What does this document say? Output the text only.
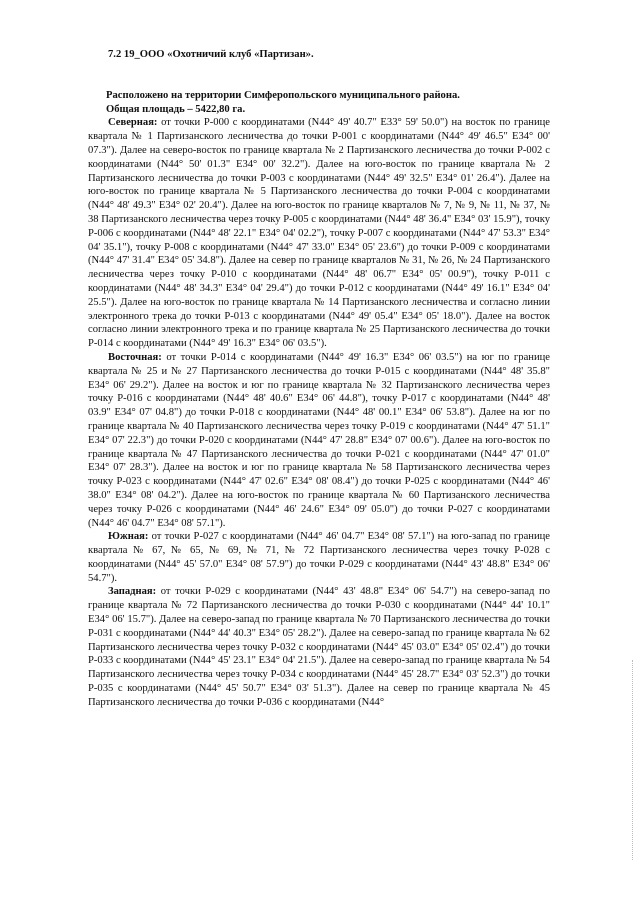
7.2 19_ООО «Охотничий клуб «Партизан».

Расположено на территории Симферопольского муниципального района.

Общая площадь – 5422,80 га.

Северная: от точки Р-000 с координатами (N44° 49' 40.7" E33° 59' 50.0") на восток по границе квартала № 1 Партизанского лесничества до точки Р-001 с координатами (N44° 49' 46.5" E34° 00' 07.3"). Далее на северо-восток по границе квартала № 2 Партизанского лесничества до точки Р-002 с координатами (N44° 50' 01.3" E34° 00' 32.2"). Далее на юго-восток по границе квартала № 2 Партизанского лесничества до точки Р-003 с координатами (N44° 49' 32.5" E34° 01' 26.4"). Далее на юго-восток по границе квартала № 5 Партизанского лесничества до точки Р-004 с координатами (N44° 48' 49.3" E34° 02' 20.4"). Далее на юго-восток по границе кварталов № 7, № 9, № 11, № 37, № 38 Партизанского лесничества через точку Р-005 с координатами (N44° 48' 36.4" E34° 03' 15.9"), точку Р-006 с координатами (N44° 48' 22.1" E34° 04' 02.2"), точку Р-007 с координатами (N44° 47' 53.3" E34° 04' 35.1"), точку Р-008 с координатами (N44° 47' 33.0" E34° 05' 23.6") до точки Р-009 с координатами (N44° 47' 31.4" E34° 05' 34.8"). Далее на север по границе кварталов № 31, № 26, № 24 Партизанского лесничества через точку Р-010 с координатами (N44° 48' 06.7" E34° 05' 00.9"), точку Р-011 с координатами (N44° 48' 34.3" E34° 04' 29.4") до точки Р-012 с координатами (N44° 49' 16.1" E34° 04' 25.5"). Далее на юго-восток по границе квартала № 14 Партизанского лесничества и согласно линии электронного трека до точки Р-013 с координатами (N44° 49' 05.4" E34° 05' 18.0"). Далее на восток согласно линии электронного трека и по границе квартала № 25 Партизанского лесничества до точки Р-014 с координатами (N44° 49' 16.3" E34° 06' 03.5").

Восточная: от точки Р-014 с координатами (N44° 49' 16.3" E34° 06' 03.5") на юг по границе квартала № 25 и № 27 Партизанского лесничества до точки Р-015 с координатами (N44° 48' 35.8" E34° 06' 29.2"). Далее на восток и юг по границе квартала № 32 Партизанского лесничества через точку Р-016 с координатами (N44° 48' 40.6" E34° 06' 44.8"), точку Р-017 с координатами (N44° 48' 03.9" E34° 07' 04.8") до точки Р-018 с координатами (N44° 48' 00.1" E34° 06' 53.8"). Далее на юг по границе квартала № 40 Партизанского лесничества через точку Р-019 с координатами (N44° 47' 51.1" E34° 07' 22.3") до точки Р-020 с координатами (N44° 47' 28.8" E34° 07' 00.6"). Далее на юго-восток по границе квартала № 47 Партизанского лесничества до точки Р-021 с координатами (N44° 47' 01.0" E34° 07' 28.3"). Далее на восток и юг по границе квартала № 58 Партизанского лесничества через точку Р-023 с координатами (N44° 47' 02.6" E34° 08' 08.4") до точки Р-025 с координатами (N44° 46' 38.0" E34° 08' 04.2"). Далее на юго-восток по границе квартала № 60 Партизанского лесничества через точку Р-026 с координатами (N44° 46' 24.6" E34° 09' 05.0") до точки Р-027 с координатами (N44° 46' 04.7" E34° 08' 57.1").

Южная: от точки Р-027 с координатами (N44° 46' 04.7" E34° 08' 57.1") на юго-запад по границе квартала № 67, № 65, № 69, № 71, № 72 Партизанского лесничества через точку Р-028 с координатами (N44° 45' 57.0" E34° 08' 57.9") до точки Р-029 с координатами (N44° 43' 48.8" E34° 06' 54.7").

Западная: от точки Р-029 с координатами (N44° 43' 48.8" E34° 06' 54.7") на северо-запад по границе квартала № 72 Партизанского лесничества до точки Р-030 с координатами (N44° 44' 10.1" E34° 06' 15.7"). Далее на северо-запад по границе квартала № 70 Партизанского лесничества до точки Р-031 с координатами (N44° 44' 40.3" E34° 05' 28.2"). Далее на северо-запад по границе квартала № 62 Партизанского лесничества через точку Р-032 с координатами (N44° 45' 03.0" E34° 05' 02.4") до точки Р-033 с координатами (N44° 45' 23.1" E34° 04' 21.5"). Далее на северо-запад по границе квартала № 54 Партизанского лесничества через точку Р-034 с координатами (N44° 45' 28.7" E34° 03' 52.3") до точки Р-035 с координатами (N44° 45' 50.7" E34° 03' 51.3"). Далее на север по границе квартала № 45 Партизанского лесничества до точки Р-036 с координатами (N44°
